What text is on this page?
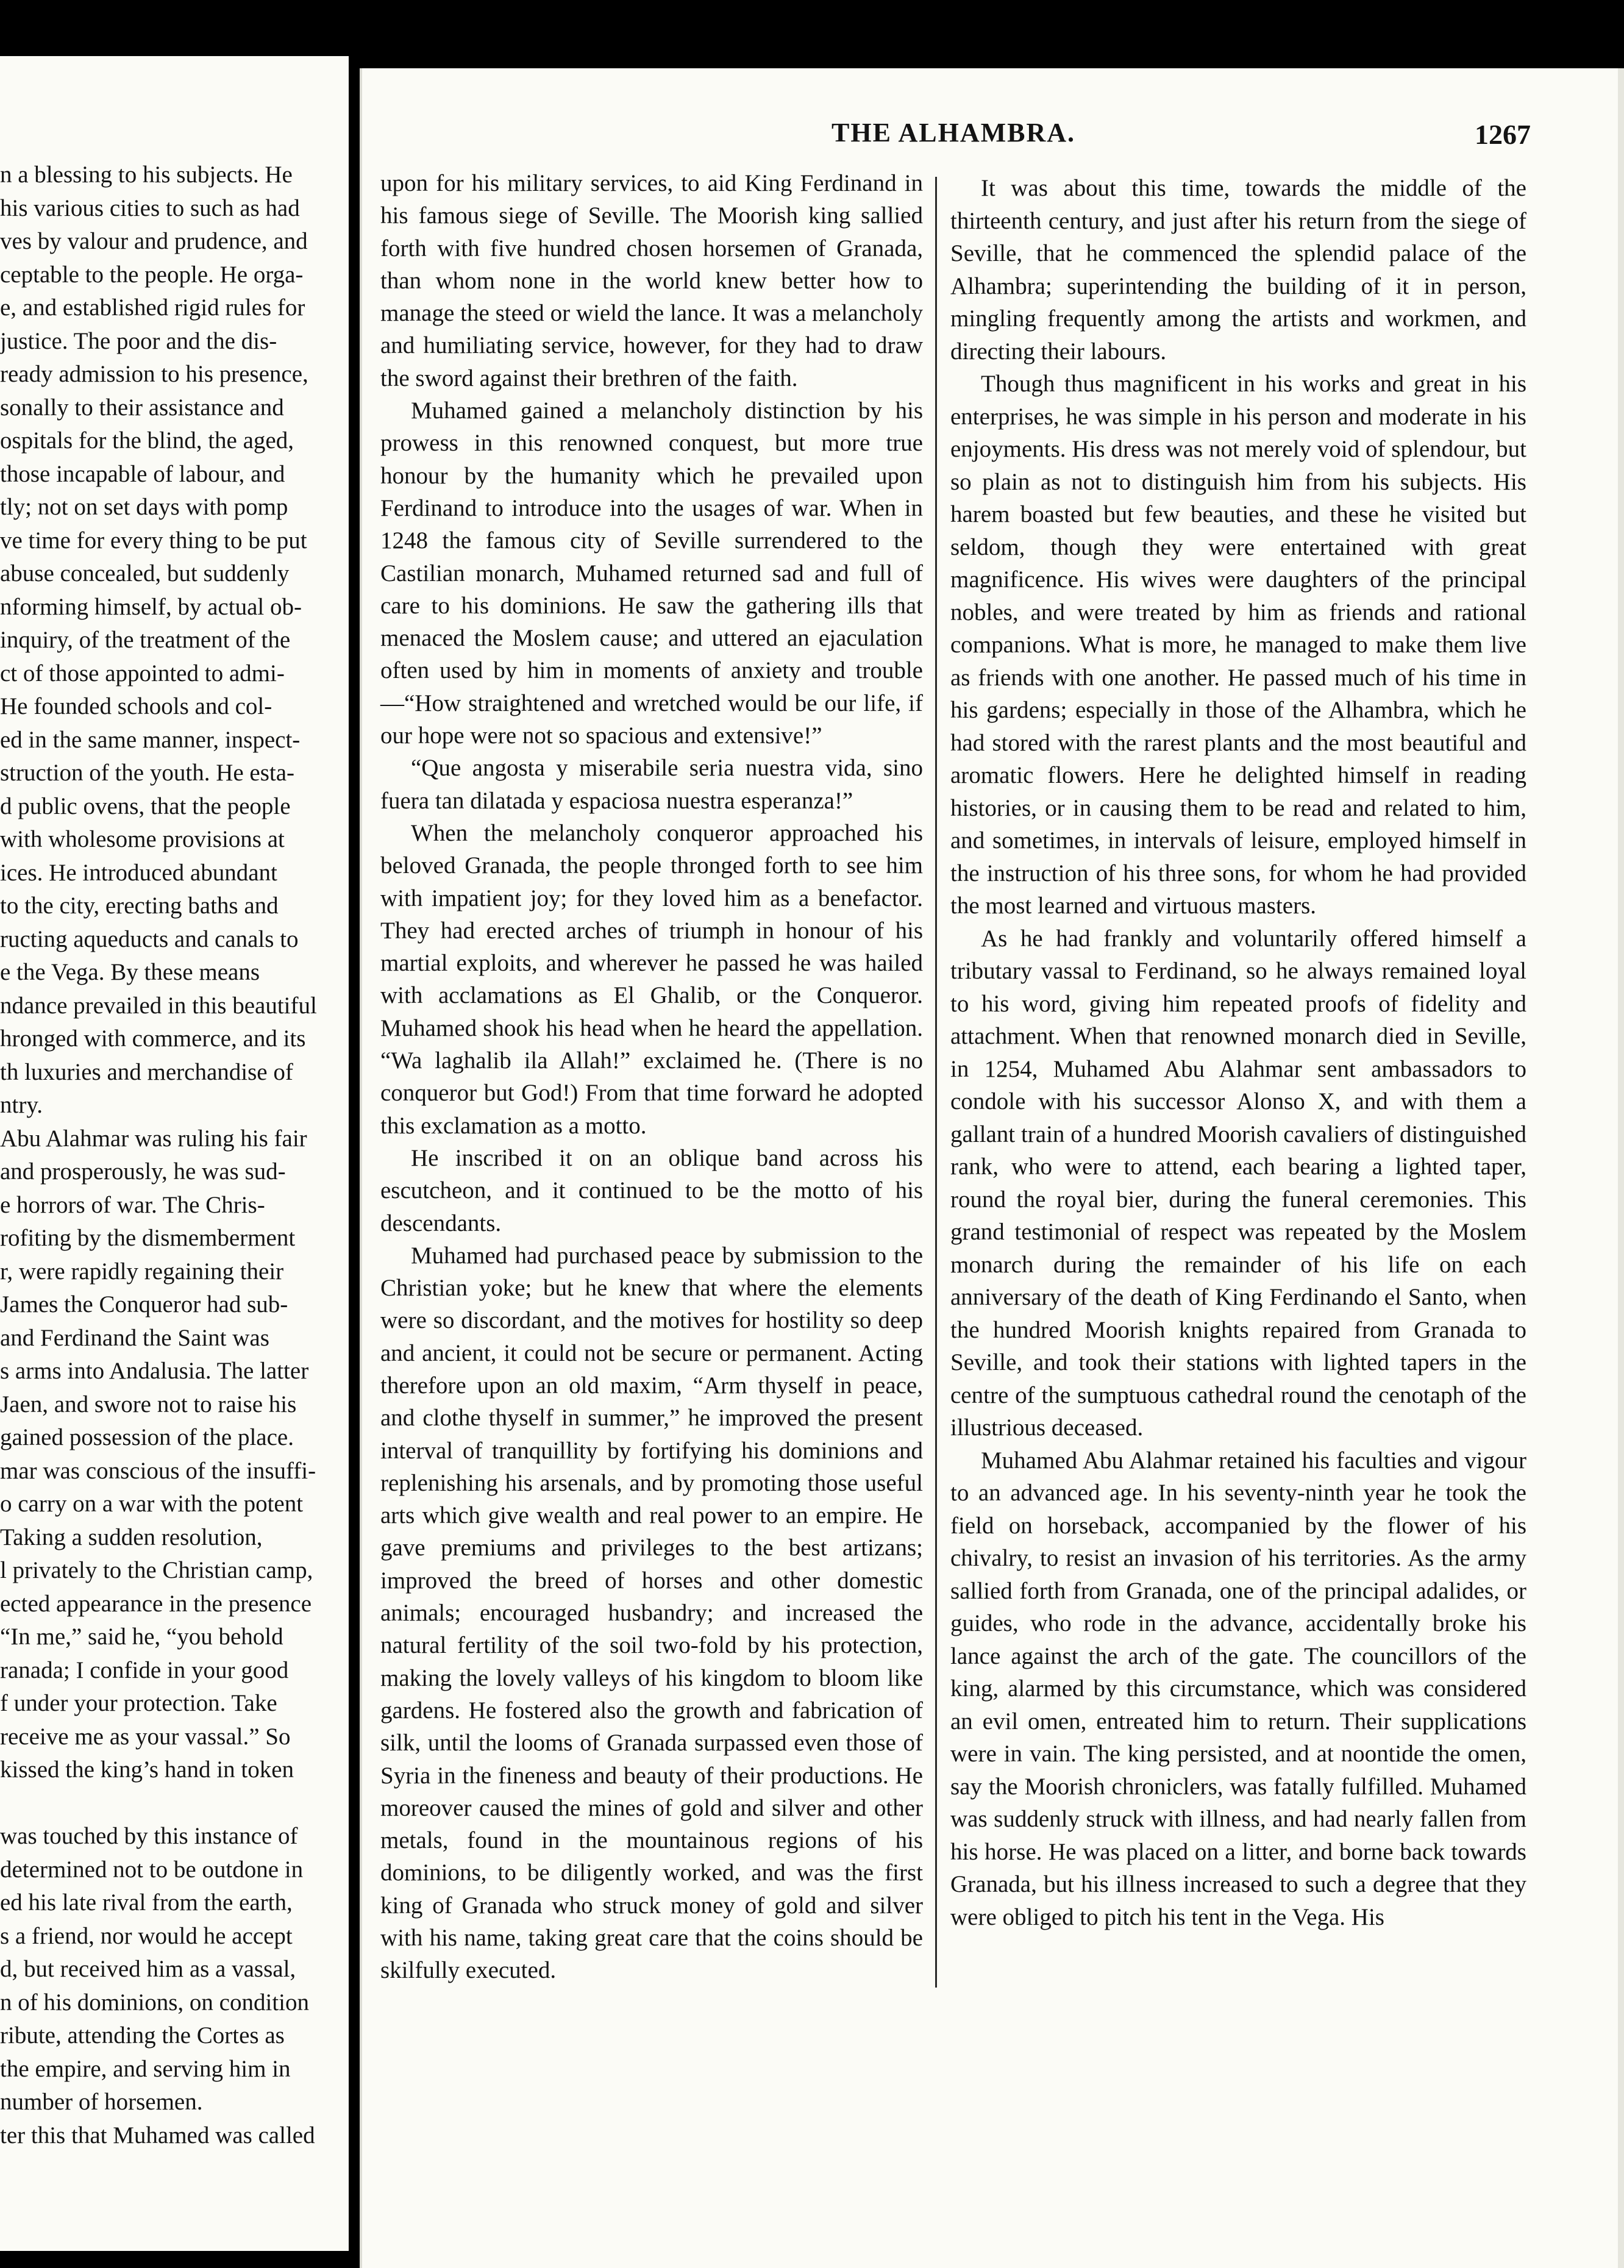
n a blessing to his subjects. He
his various cities to such as had
ves by valour and prudence, and
ceptable to the people. He orga-
e, and established rigid rules for
justice. The poor and the dis-
ready admission to his presence,
sonally to their assistance and
ospitals for the blind, the aged,
those incapable of labour, and
tly; not on set days with pomp
ve time for every thing to be put
abuse concealed, but suddenly
nforming himself, by actual ob-
inquiry, of the treatment of the
ct of those appointed to admi-
He founded schools and col-
ed in the same manner, inspect-
struction of the youth. He esta-
d public ovens, that the people
with wholesome provisions at
ices. He introduced abundant
to the city, erecting baths and
ructing aqueducts and canals to
e the Vega. By these means
ndance prevailed in this beautiful
hronged with commerce, and its
th luxuries and merchandise of
ntry.
Abu Alahmar was ruling his fair
and prosperously, he was sud-
e horrors of war. The Chris-
rofiting by the dismemberment
r, were rapidly regaining their
James the Conqueror had sub-
and Ferdinand the Saint was
s arms into Andalusia. The latter
Jaen, and swore not to raise his
gained possession of the place.
mar was conscious of the insuffi-
o carry on a war with the potent
Taking a sudden resolution,
l privately to the Christian camp,
ected appearance in the presence
“In me,” said he, “you behold
ranada; I confide in your good
f under your protection. Take
receive me as your vassal.” So
kissed the king’s hand in token

was touched by this instance of
determined not to be outdone in
ed his late rival from the earth,
s a friend, nor would he accept
d, but received him as a vassal,
n of his dominions, on condition
ribute, attending the Cortes as
the empire, and serving him in
number of horsemen.
ter this that Muhamed was called
THE ALHAMBRA.	1267

upon for his military services, to aid King Ferdinand in his famous siege of Seville. The Moorish king sallied forth with five hundred chosen horsemen of Granada, than whom none in the world knew better how to manage the steed or wield the lance. It was a melancholy and humiliating service, however, for they had to draw the sword against their brethren of the faith.

Muhamed gained a melancholy distinction by his prowess in this renowned conquest, but more true honour by the humanity which he prevailed upon Ferdinand to introduce into the usages of war. When in 1248 the famous city of Seville surrendered to the Castilian monarch, Muhamed returned sad and full of care to his dominions. He saw the gathering ills that menaced the Moslem cause; and uttered an ejaculation often used by him in moments of anxiety and trouble—“How straightened and wretched would be our life, if our hope were not so spacious and extensive!”

“Que angosta y miserabile seria nuestra vida, sino fuera tan dilatada y espaciosa nuestra esperanza!”

When the melancholy conqueror approached his beloved Granada, the people thronged forth to see him with impatient joy; for they loved him as a benefactor. They had erected arches of triumph in honour of his martial exploits, and wherever he passed he was hailed with acclamations as El Ghalib, or the Conqueror. Muhamed shook his head when he heard the appellation. “Wa laghalib ila Allah!” exclaimed he. (There is no conqueror but God!) From that time forward he adopted this exclamation as a motto.

He inscribed it on an oblique band across his escutcheon, and it continued to be the motto of his descendants.

Muhamed had purchased peace by submission to the Christian yoke; but he knew that where the elements were so discordant, and the motives for hostility so deep and ancient, it could not be secure or permanent. Acting therefore upon an old maxim, “Arm thyself in peace, and clothe thyself in summer,” he improved the present interval of tranquillity by fortifying his dominions and replenishing his arsenals, and by promoting those useful arts which give wealth and real power to an empire. He gave premiums and privileges to the best artizans; improved the breed of horses and other domestic animals; encouraged husbandry; and increased the natural fertility of the soil two-fold by his protection, making the lovely valleys of his kingdom to bloom like gardens. He fostered also the growth and fabrication of silk, until the looms of Granada surpassed even those of Syria in the fineness and beauty of their productions. He moreover caused the mines of gold and silver and other metals, found in the mountainous regions of his dominions, to be diligently worked, and was the first king of Granada who struck money of gold and silver with his name, taking great care that the coins should be skilfully executed.

It was about this time, towards the middle of the thirteenth century, and just after his return from the siege of Seville, that he commenced the splendid palace of the Alhambra; superintending the building of it in person, mingling frequently among the artists and workmen, and directing their labours.

Though thus magnificent in his works and great in his enterprises, he was simple in his person and moderate in his enjoyments. His dress was not merely void of splendour, but so plain as not to distinguish him from his subjects. His harem boasted but few beauties, and these he visited but seldom, though they were entertained with great magnificence. His wives were daughters of the principal nobles, and were treated by him as friends and rational companions. What is more, he managed to make them live as friends with one another. He passed much of his time in his gardens; especially in those of the Alhambra, which he had stored with the rarest plants and the most beautiful and aromatic flowers. Here he delighted himself in reading histories, or in causing them to be read and related to him, and sometimes, in intervals of leisure, employed himself in the instruction of his three sons, for whom he had provided the most learned and virtuous masters.

As he had frankly and voluntarily offered himself a tributary vassal to Ferdinand, so he always remained loyal to his word, giving him repeated proofs of fidelity and attachment. When that renowned monarch died in Seville, in 1254, Muhamed Abu Alahmar sent ambassadors to condole with his successor Alonso X, and with them a gallant train of a hundred Moorish cavaliers of distinguished rank, who were to attend, each bearing a lighted taper, round the royal bier, during the funeral ceremonies. This grand testimonial of respect was repeated by the Moslem monarch during the remainder of his life on each anniversary of the death of King Ferdinando el Santo, when the hundred Moorish knights repaired from Granada to Seville, and took their stations with lighted tapers in the centre of the sumptuous cathedral round the cenotaph of the illustrious deceased.

Muhamed Abu Alahmar retained his faculties and vigour to an advanced age. In his seventy-ninth year he took the field on horseback, accompanied by the flower of his chivalry, to resist an invasion of his territories. As the army sallied forth from Granada, one of the principal adalides, or guides, who rode in the advance, accidentally broke his lance against the arch of the gate. The councillors of the king, alarmed by this circumstance, which was considered an evil omen, entreated him to return. Their supplications were in vain. The king persisted, and at noontide the omen, say the Moorish chroniclers, was fatally fulfilled. Muhamed was suddenly struck with illness, and had nearly fallen from his horse. He was placed on a litter, and borne back towards Granada, but his illness increased to such a degree that they were obliged to pitch his tent in the Vega. His
